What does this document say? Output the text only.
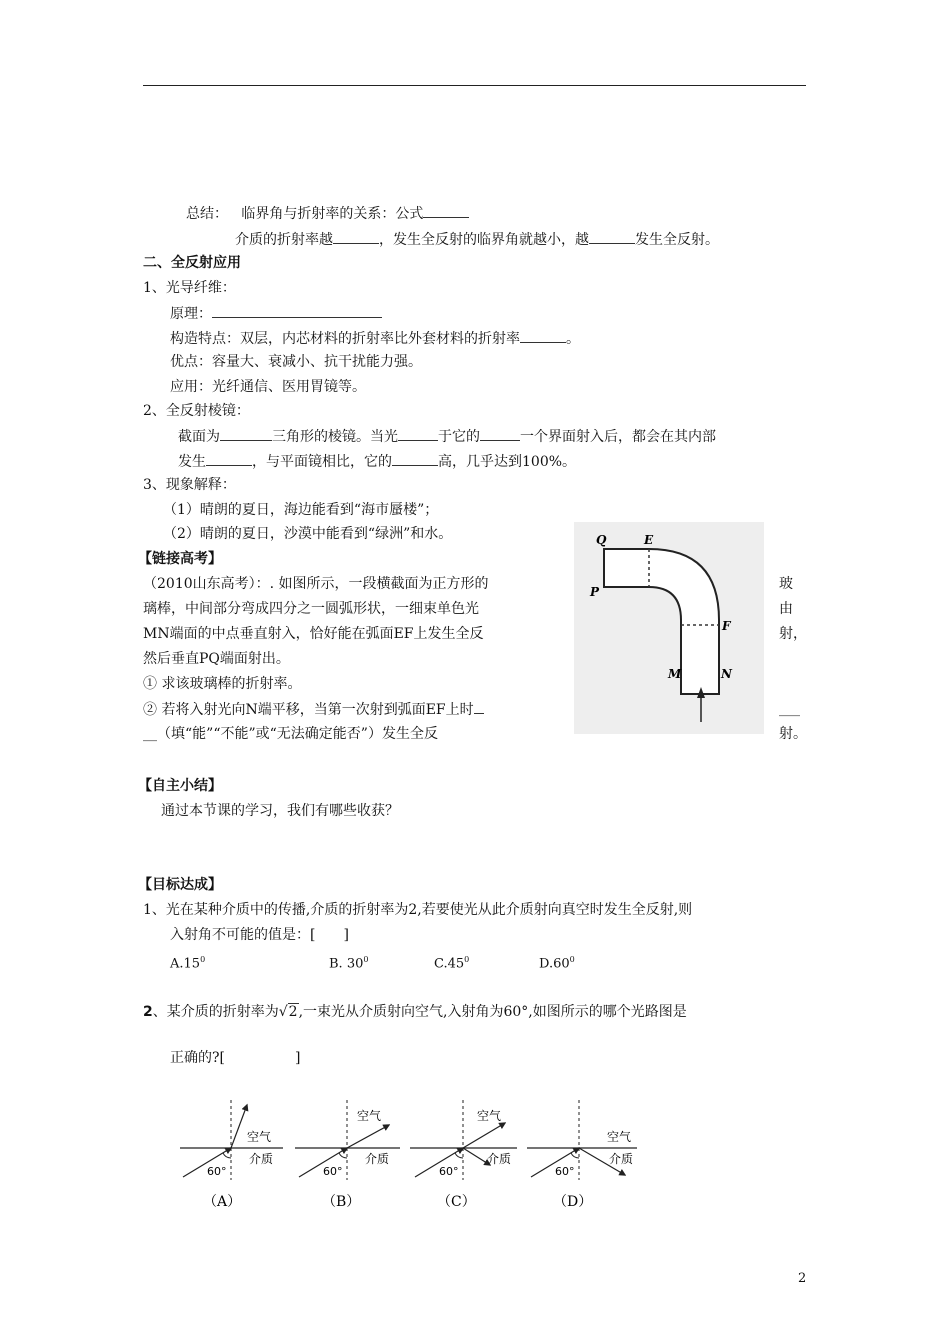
总结： 临界角与折射率的关系：公式
介质的折射率越	，发生全反射的临界角就越小，越	发生全反射。
二、全反射应用
1、光导纤维：
原理：
构造特点：双层，内芯材料的折射率比外套材料的折射率	。
优点：容量大、衰减小、抗干扰能力强。
应用：光纤通信、医用胃镜等。
2、全反射棱镜：
截面为	三角形的棱镜。当光	于它的	一个界面射入后，都会在其内部
发生	，与平面镜相比，它的	高，几乎达到100%。
3、现象解释：
（1）晴朗的夏日，海边能看到“海市蜃楼”；
（2）晴朗的夏日，沙漠中能看到“绿洲”和水。
【链接高考】
（2010山东高考）：. 如图所示，一段横截面为正方形的	玻
璃棒，中间部分弯成四分之一圆弧形状，一细束单色光	由
MN端面的中点垂直射入，恰好能在弧面EF上发生全反	射，
然后垂直PQ端面射出。
① 求该玻璃棒的折射率。
② 若将入射光向N端平移，当第一次射到弧面EF上时	___
__（填“能”“不能”或“无法确定能否”）发生全反	射。
Q	E
P
F
M	N
【自主小结】
通过本节课的学习，我们有哪些收获？
【目标达成】
1、光在某种介质中的传播,介质的折射率为2,若要使光从此介质射向真空时发生全反射,则
入射角不可能的值是：[　　]
$A.15^0$	B. $30^0$	$C.45^0$	$D.60^0$
2、某介质的折射率为√2,一束光从介质射向空气,入射角为60°,如图所示的哪个光路图是
正确的?[　　　　　]
空气
介质
60°
（A）
空气
介质
60°
（B）
空气
介质
60°
（C）
空气
介质
60°
（D）
2
